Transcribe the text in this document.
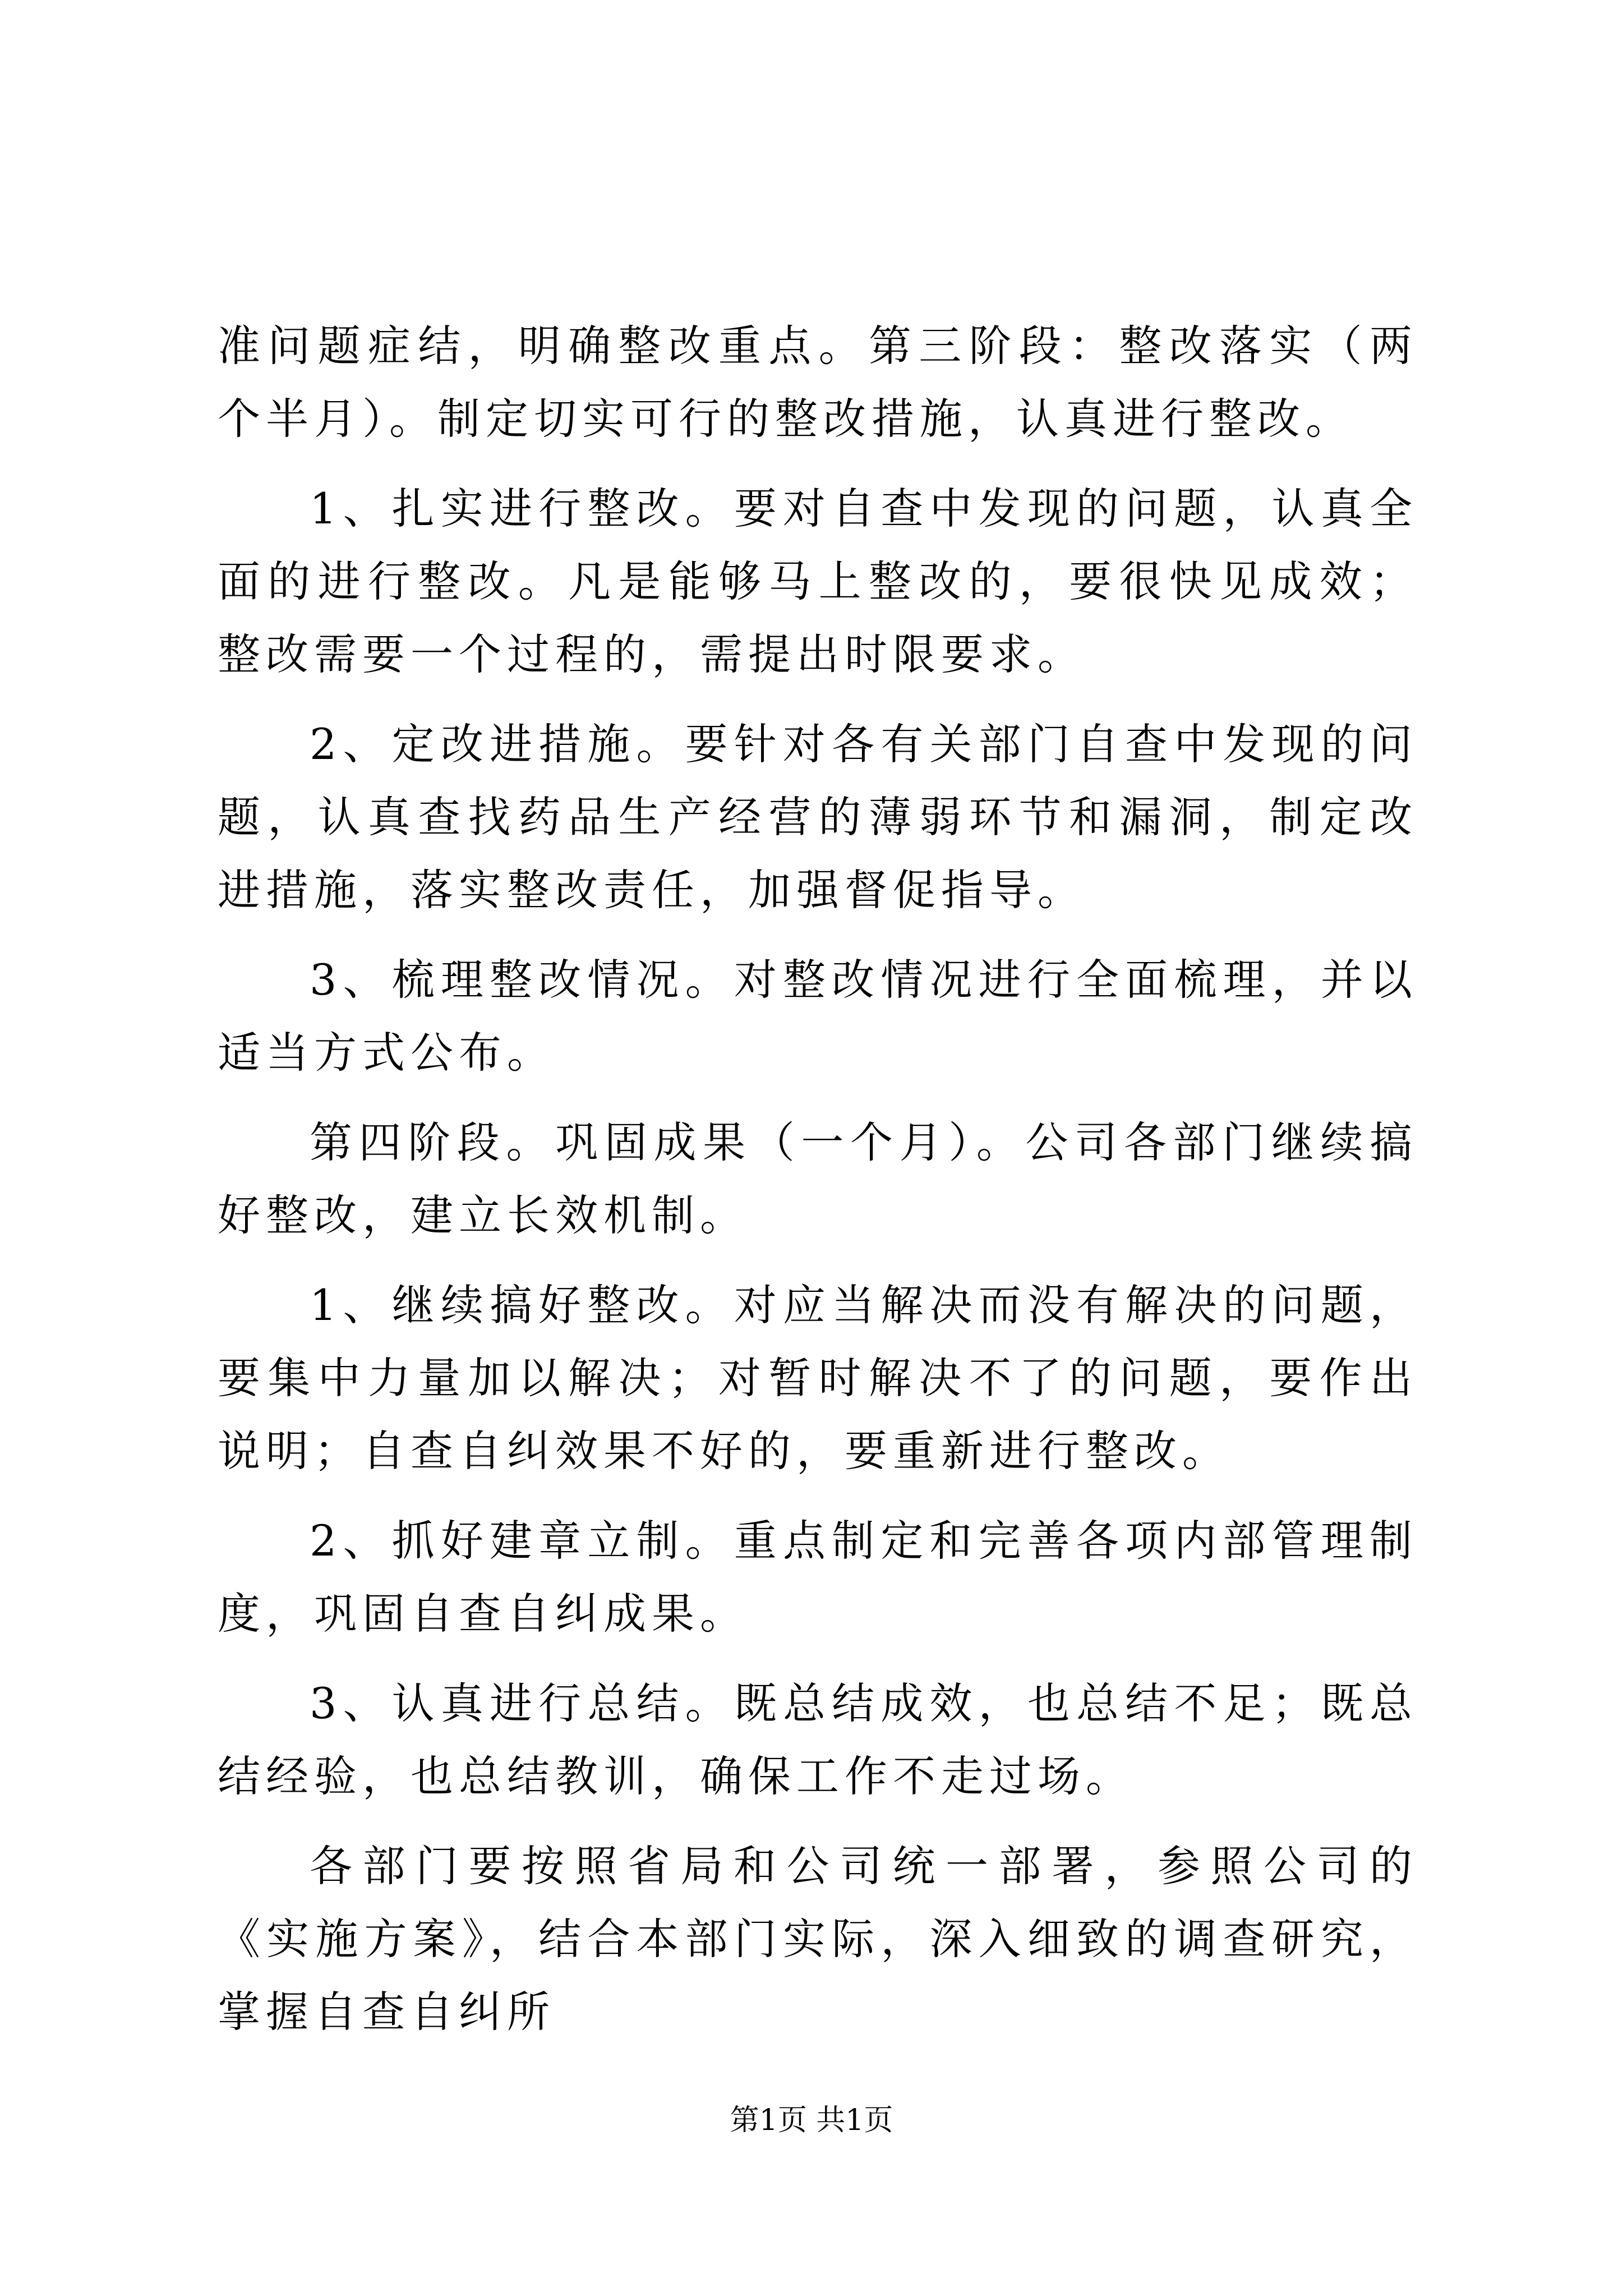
准问题症结，明确整改重点。第三阶段：整改落实（两个半月）。制定切实可行的整改措施，认真进行整改。

1、扎实进行整改。要对自查中发现的问题，认真全面的进行整改。凡是能够马上整改的，要很快见成效；整改需要一个过程的，需提出时限要求。

2、定改进措施。要针对各有关部门自查中发现的问题，认真查找药品生产经营的薄弱环节和漏洞，制定改进措施，落实整改责任，加强督促指导。

3、梳理整改情况。对整改情况进行全面梳理，并以适当方式公布。

第四阶段。巩固成果（一个月）。公司各部门继续搞好整改，建立长效机制。

1、继续搞好整改。对应当解决而没有解决的问题，要集中力量加以解决；对暂时解决不了的问题，要作出说明；自查自纠效果不好的，要重新进行整改。

2、抓好建章立制。重点制定和完善各项内部管理制度，巩固自查自纠成果。

3、认真进行总结。既总结成效，也总结不足；既总结经验，也总结教训，确保工作不走过场。

各部门要按照省局和公司统一部署，参照公司的《实施方案》，结合本部门实际，深入细致的调查研究，掌握自查自纠所

第1页 共1页
